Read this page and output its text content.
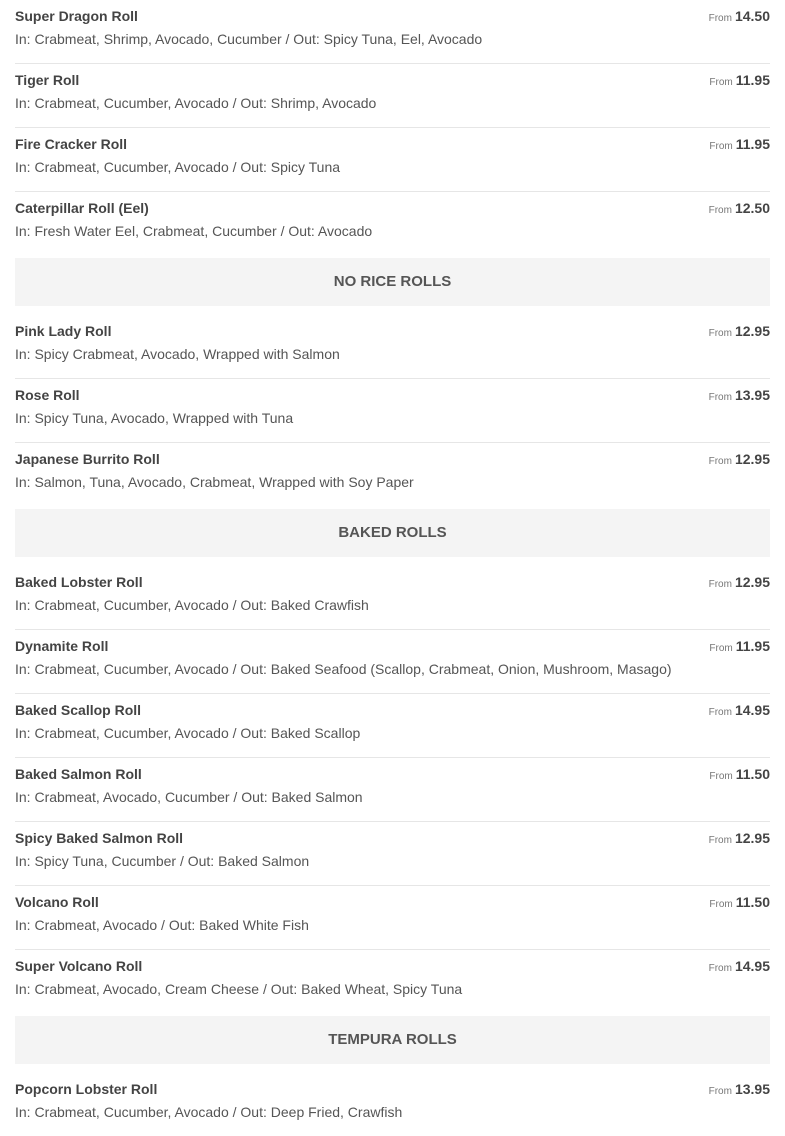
Super Dragon Roll
In: Crabmeat, Shrimp, Avocado, Cucumber / Out: Spicy Tuna, Eel, Avocado
From 14.50
Tiger Roll
In: Crabmeat, Cucumber, Avocado / Out: Shrimp, Avocado
From 11.95
Fire Cracker Roll
In: Crabmeat, Cucumber, Avocado / Out: Spicy Tuna
From 11.95
Caterpillar Roll (Eel)
In: Fresh Water Eel, Crabmeat, Cucumber / Out: Avocado
From 12.50
NO RICE ROLLS
Pink Lady Roll
In: Spicy Crabmeat, Avocado, Wrapped with Salmon
From 12.95
Rose Roll
In: Spicy Tuna, Avocado, Wrapped with Tuna
From 13.95
Japanese Burrito Roll
In: Salmon, Tuna, Avocado, Crabmeat, Wrapped with Soy Paper
From 12.95
BAKED ROLLS
Baked Lobster Roll
In: Crabmeat, Cucumber, Avocado / Out: Baked Crawfish
From 12.95
Dynamite Roll
In: Crabmeat, Cucumber, Avocado / Out: Baked Seafood (Scallop, Crabmeat, Onion, Mushroom, Masago)
From 11.95
Baked Scallop Roll
In: Crabmeat, Cucumber, Avocado / Out: Baked Scallop
From 14.95
Baked Salmon Roll
In: Crabmeat, Avocado, Cucumber / Out: Baked Salmon
From 11.50
Spicy Baked Salmon Roll
In: Spicy Tuna, Cucumber / Out: Baked Salmon
From 12.95
Volcano Roll
In: Crabmeat, Avocado / Out: Baked White Fish
From 11.50
Super Volcano Roll
In: Crabmeat, Avocado, Cream Cheese / Out: Baked Wheat, Spicy Tuna
From 14.95
TEMPURA ROLLS
Popcorn Lobster Roll
In: Crabmeat, Cucumber, Avocado / Out: Deep Fried, Crawfish
From 13.95
